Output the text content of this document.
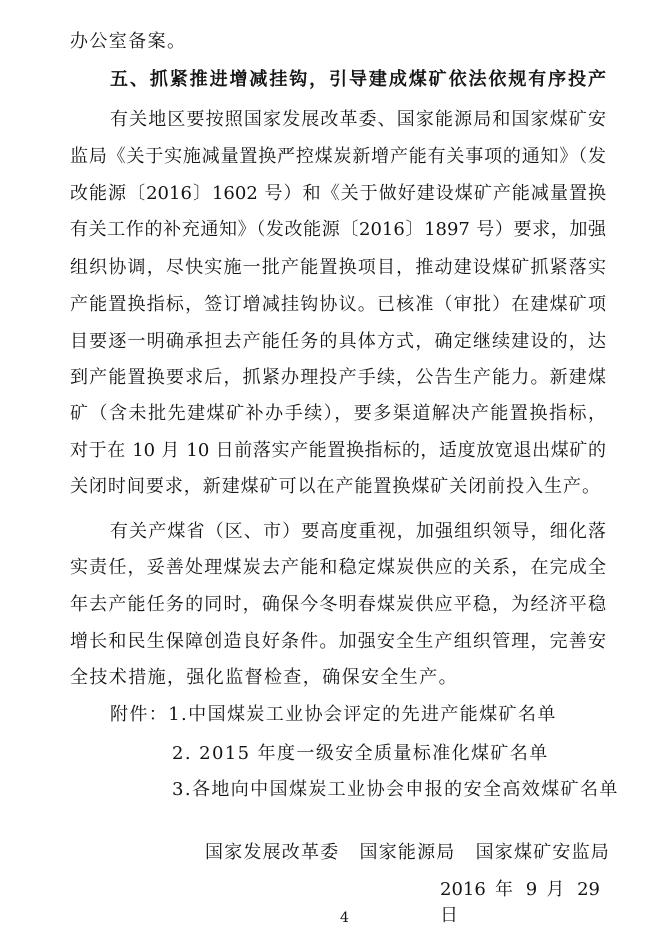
办公室备案。
五、抓紧推进增减挂钩，引导建成煤矿依法依规有序投产
有关地区要按照国家发展改革委、国家能源局和国家煤矿安
监局《关于实施减量置换严控煤炭新增产能有关事项的通知》（发
改能源〔2016〕1602 号）和《关于做好建设煤矿产能减量置换
有关工作的补充通知》（发改能源〔2016〕1897 号）要求，加强
组织协调，尽快实施一批产能置换项目，推动建设煤矿抓紧落实
产能置换指标，签订增减挂钩协议。已核准（审批）在建煤矿项
目要逐一明确承担去产能任务的具体方式，确定继续建设的，达
到产能置换要求后，抓紧办理投产手续，公告生产能力。新建煤
矿（含未批先建煤矿补办手续），要多渠道解决产能置换指标，
对于在 10 月 10 日前落实产能置换指标的，适度放宽退出煤矿的
关闭时间要求，新建煤矿可以在产能置换煤矿关闭前投入生产。
有关产煤省（区、市）要高度重视，加强组织领导，细化落
实责任，妥善处理煤炭去产能和稳定煤炭供应的关系，在完成全
年去产能任务的同时，确保今冬明春煤炭供应平稳，为经济平稳
增长和民生保障创造良好条件。加强安全生产组织管理，完善安
全技术措施，强化监督检查，确保安全生产。
附件：1.中国煤炭工业协会评定的先进产能煤矿名单
2. 2015 年度一级安全质量标准化煤矿名单
3.各地向中国煤炭工业协会申报的安全高效煤矿名单
国家发展改革委 国家能源局 国家煤矿安监局
2016 年 9 月 29 日
4
